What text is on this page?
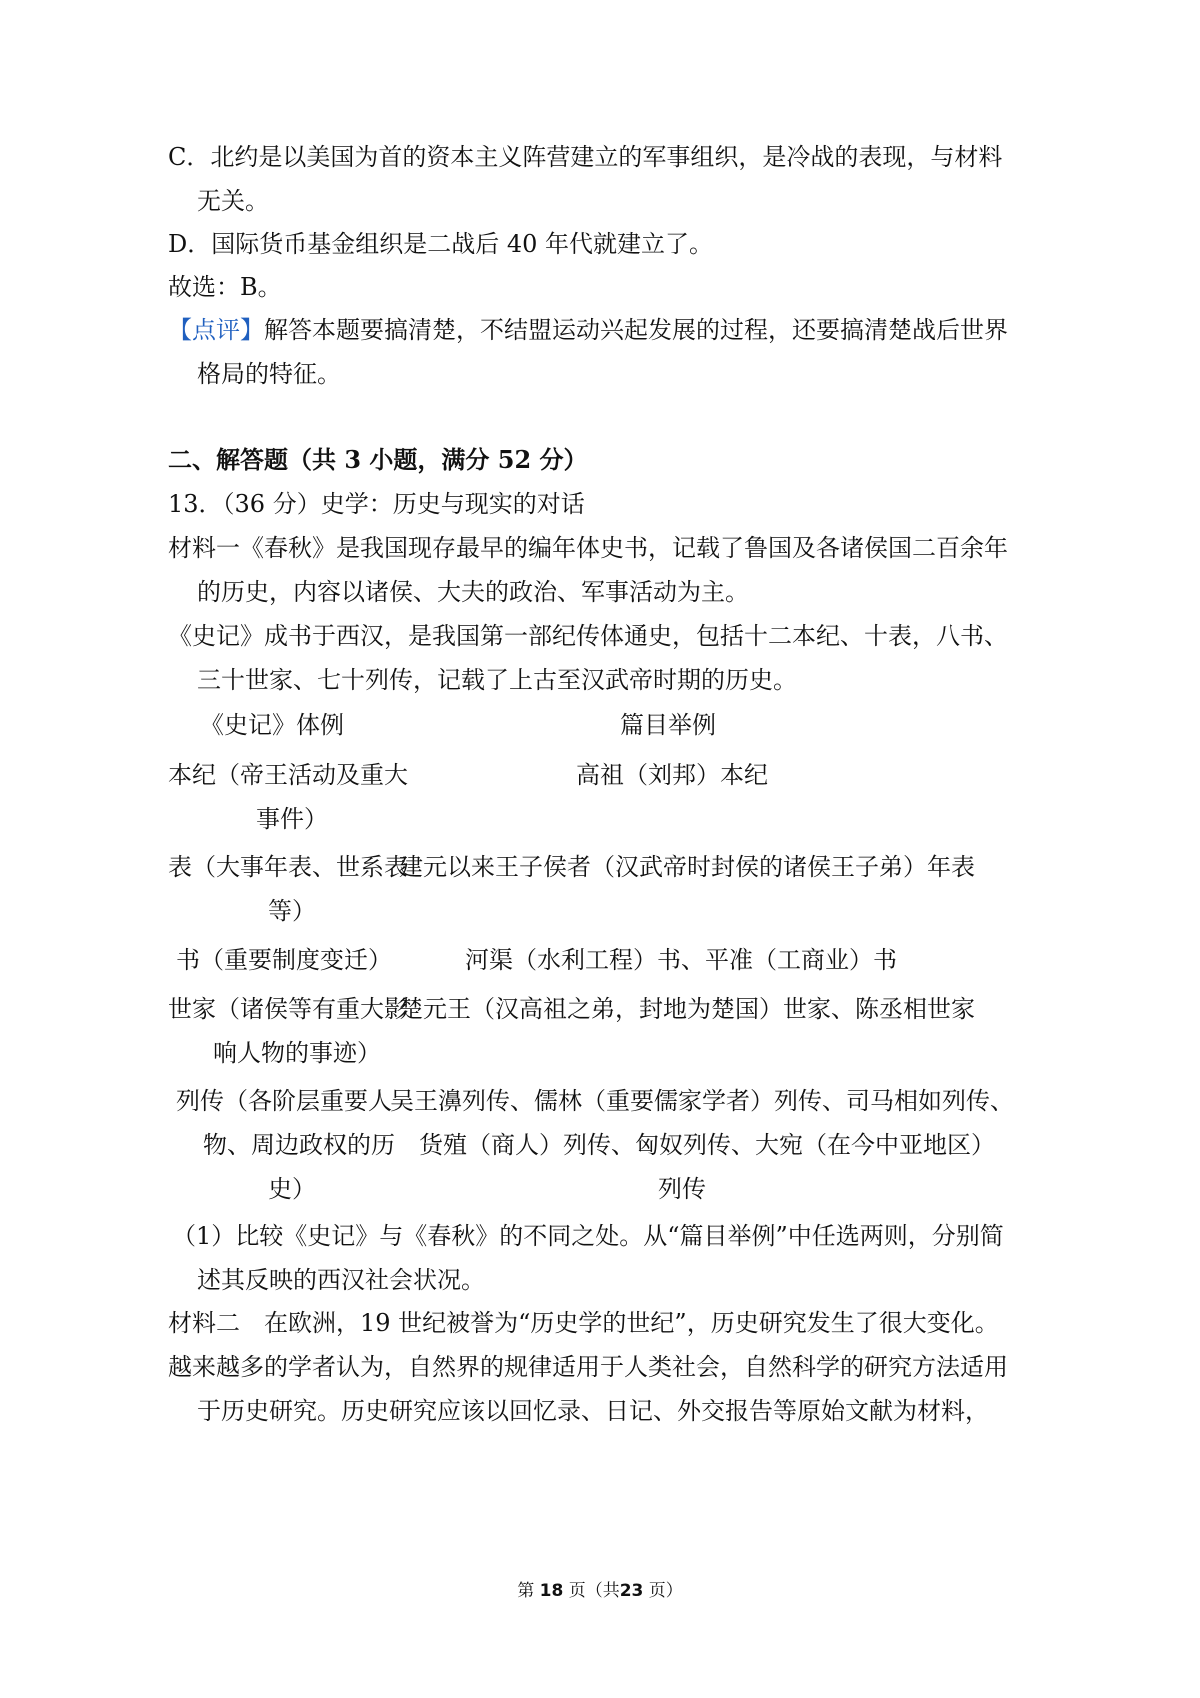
C．北约是以美国为首的资本主义阵营建立的军事组织，是冷战的表现，与材料
无关。
D．国际货币基金组织是二战后 40 年代就建立了。
故选：B。
【点评】解答本题要搞清楚，不结盟运动兴起发展的过程，还要搞清楚战后世界
格局的特征。
二、解答题（共 3 小题，满分 52 分）
13．（36 分）史学：历史与现实的对话
材料一《春秋》是我国现存最早的编年体史书，记载了鲁国及各诸侯国二百余年
的历史，内容以诸侯、大夫的政治、军事活动为主。
《史记》成书于西汉，是我国第一部纪传体通史，包括十二本纪、十表，八书、
三十世家、七十列传，记载了上古至汉武帝时期的历史。
《史记》体例	篇目举例
本纪（帝王活动及重大
事件）
高祖（刘邦）本纪
表（大事年表、世系表
等）
建元以来王子侯者（汉武帝时封侯的诸侯王子弟）年表
书（重要制度变迁）	河渠（水利工程）书、平准（工商业）书
世家（诸侯等有重大影
响人物的事迹）
楚元王（汉高祖之弟，封地为楚国）世家、陈丞相世家
列传（各阶层重要人
物、周边政权的历
史）
吴王濞列传、儒林（重要儒家学者）列传、司马相如列传、
货殖（商人）列传、匈奴列传、大宛（在今中亚地区）
列传
（1）比较《史记》与《春秋》的不同之处。从“篇目举例”中任选两则，分别简
述其反映的西汉社会状况。
材料二　在欧洲，19 世纪被誉为“历史学的世纪”，历史研究发生了很大变化。
越来越多的学者认为，自然界的规律适用于人类社会，自然科学的研究方法适用
于历史研究。历史研究应该以回忆录、日记、外交报告等原始文献为材料，
第 18 页（共23 页）
